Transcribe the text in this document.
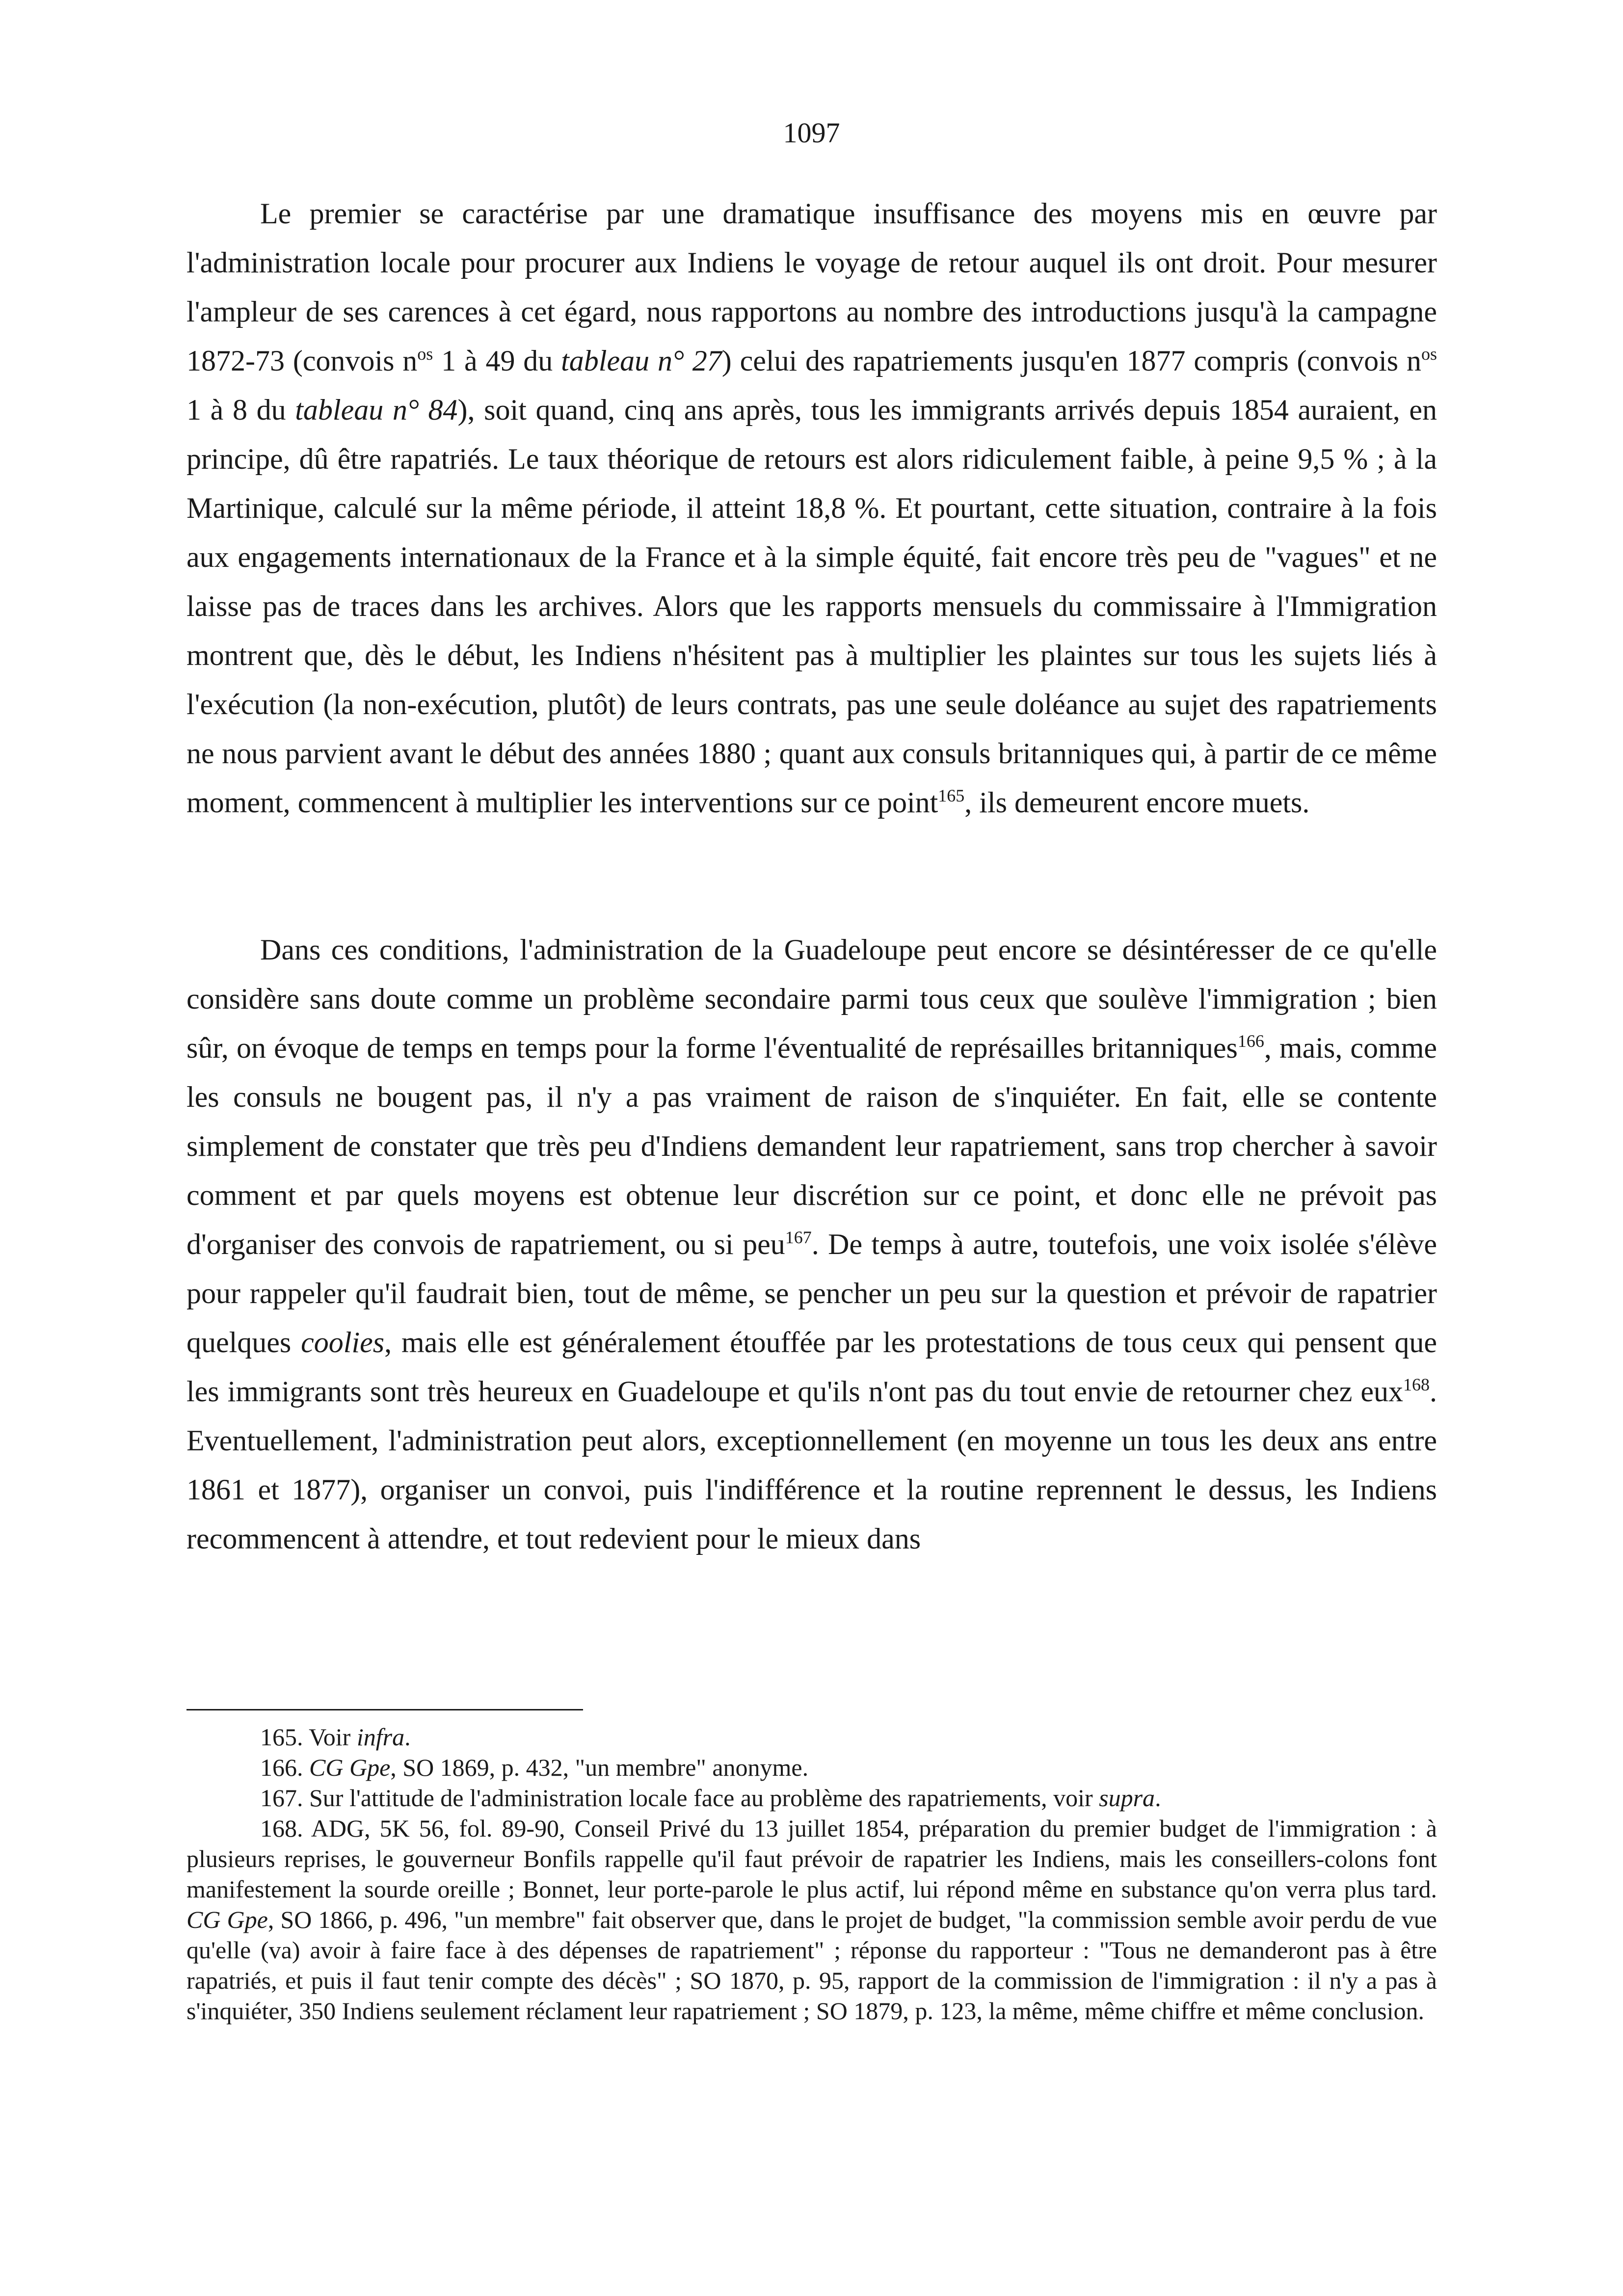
1097

Le premier se caractérise par une dramatique insuffisance des moyens mis en œuvre par l'administration locale pour procurer aux Indiens le voyage de retour auquel ils ont droit. Pour mesurer l'ampleur de ses carences à cet égard, nous rapportons au nombre des introductions jusqu'à la campagne 1872-73 (convois $n^{os}$ 1 à 49 du tableau n° 27) celui des rapatriements jusqu'en 1877 compris (convois $n^{os}$ 1 à 8 du tableau n° 84), soit quand, cinq ans après, tous les immigrants arrivés depuis 1854 auraient, en principe, dû être rapatriés. Le taux théorique de retours est alors ridiculement faible, à peine 9,5 % ; à la Martinique, calculé sur la même période, il atteint 18,8 %. Et pourtant, cette situation, contraire à la fois aux engagements internationaux de la France et à la simple équité, fait encore très peu de "vagues" et ne laisse pas de traces dans les archives. Alors que les rapports mensuels du commissaire à l'Immigration montrent que, dès le début, les Indiens n'hésitent pas à multiplier les plaintes sur tous les sujets liés à l'exécution (la non-exécution, plutôt) de leurs contrats, pas une seule doléance au sujet des rapatriements ne nous parvient avant le début des années 1880 ; quant aux consuls britanniques qui, à partir de ce même moment, commencent à multiplier les interventions sur ce point$^{165}$, ils demeurent encore muets.

Dans ces conditions, l'administration de la Guadeloupe peut encore se désintéresser de ce qu'elle considère sans doute comme un problème secondaire parmi tous ceux que soulève l'immigration ; bien sûr, on évoque de temps en temps pour la forme l'éventualité de représailles britanniques$^{166}$, mais, comme les consuls ne bougent pas, il n'y a pas vraiment de raison de s'inquiéter. En fait, elle se contente simplement de constater que très peu d'Indiens demandent leur rapatriement, sans trop chercher à savoir comment et par quels moyens est obtenue leur discrétion sur ce point, et donc elle ne prévoit pas d'organiser des convois de rapatriement, ou si peu$^{167}$. De temps à autre, toutefois, une voix isolée s'élève pour rappeler qu'il faudrait bien, tout de même, se pencher un peu sur la question et prévoir de rapatrier quelques coolies, mais elle est généralement étouffée par les protestations de tous ceux qui pensent que les immigrants sont très heureux en Guadeloupe et qu'ils n'ont pas du tout envie de retourner chez eux$^{168}$. Eventuellement, l'administration peut alors, exceptionnellement (en moyenne un tous les deux ans entre 1861 et 1877), organiser un convoi, puis l'indifférence et la routine reprennent le dessus, les Indiens recommencent à attendre, et tout redevient pour le mieux dans

165. Voir infra.

166. CG Gpe, SO 1869, p. 432, "un membre" anonyme.

167. Sur l'attitude de l'administration locale face au problème des rapatriements, voir supra.

168. ADG, 5K 56, fol. 89-90, Conseil Privé du 13 juillet 1854, préparation du premier budget de l'immigration : à plusieurs reprises, le gouverneur Bonfils rappelle qu'il faut prévoir de rapatrier les Indiens, mais les conseillers-colons font manifestement la sourde oreille ; Bonnet, leur porte-parole le plus actif, lui répond même en substance qu'on verra plus tard. CG Gpe, SO 1866, p. 496, "un membre" fait observer que, dans le projet de budget, "la commission semble avoir perdu de vue qu'elle (va) avoir à faire face à des dépenses de rapatriement" ; réponse du rapporteur : "Tous ne demanderont pas à être rapatriés, et puis il faut tenir compte des décès" ; SO 1870, p. 95, rapport de la commission de l'immigration : il n'y a pas à s'inquiéter, 350 Indiens seulement réclament leur rapatriement ; SO 1879, p. 123, la même, même chiffre et même conclusion.
